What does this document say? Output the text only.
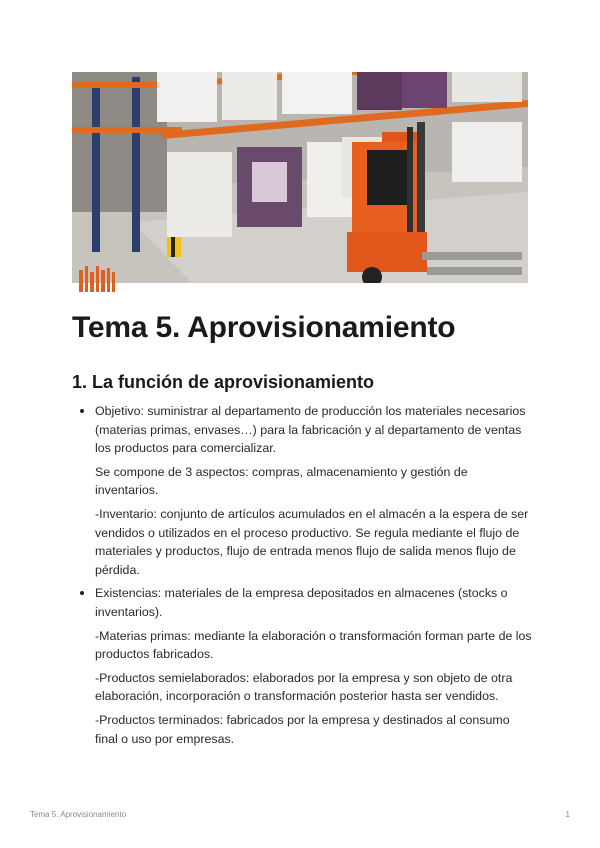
Tema 5. Aprovisionamiento
1. La función de aprovisionamiento

Objetivo: suministrar al departamento de producción los materiales necesarios (materias primas, envases…) para la fabricación y al departamento de ventas los productos para comercializar.

Se compone de 3 aspectos: compras, almacenamiento y gestión de inventarios.

-Inventario: conjunto de artículos acumulados en el almacén a la espera de ser vendidos o utilizados en el proceso productivo. Se regula mediante el flujo de materiales y productos, flujo de entrada menos flujo de salida menos flujo de pérdida.

Existencias: materiales de la empresa depositados en almacenes (stocks o inventarios).

-Materias primas: mediante la elaboración o transformación forman parte de los productos fabricados.

-Productos semielaborados: elaborados por la empresa y son objeto de otra elaboración, incorporación o transformación posterior hasta ser vendidos.

-Productos terminados: fabricados por la empresa y destinados al consumo final o uso por empresas.

Tema 5. Aprovisionamiento	1
